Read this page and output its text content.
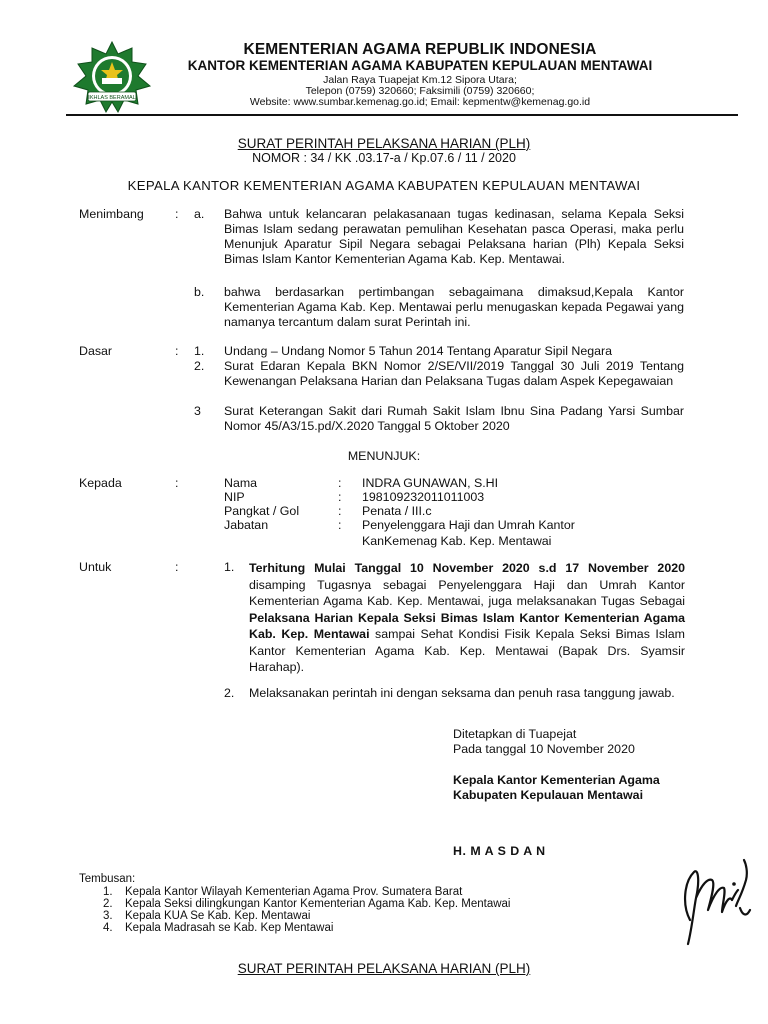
IKHLAS BERAMAL
KEMENTERIAN AGAMA REPUBLIK INDONESIA
KANTOR KEMENTERIAN AGAMA KABUPATEN KEPULAUAN MENTAWAI
Jalan Raya Tuapejat Km.12 Sipora Utara;
Telepon (0759) 320660; Faksimili (0759) 320660;
Website: www.sumbar.kemenag.go.id; Email: kepmentw@kemenag.go.id
SURAT PERINTAH PELAKSANA HARIAN (PLH)
NOMOR : 34 / KK .03.17-a / Kp.07.6 / 11 / 2020
KEPALA KANTOR KEMENTERIAN AGAMA KABUPATEN KEPULAUAN MENTAWAI
Menimbang	: a. Bahwa untuk kelancaran pelakasanaan tugas kedinasan, selama Kepala Seksi Bimas Islam sedang perawatan pemulihan Kesehatan pasca Operasi, maka perlu Menunjuk Aparatur Sipil Negara sebagai Pelaksana harian (Plh) Kepala Seksi Bimas Islam Kantor Kementerian Agama Kab. Kep. Mentawai.
b. bahwa berdasarkan pertimbangan sebagaimana dimaksud,Kepala Kantor Kementerian Agama Kab. Kep. Mentawai perlu menugaskan kepada Pegawai yang namanya tercantum dalam surat Perintah ini.
Dasar	: 1. Undang – Undang Nomor 5 Tahun 2014 Tentang Aparatur Sipil Negara
2. Surat Edaran Kepala BKN Nomor 2/SE/VII/2019 Tanggal 30 Juli 2019 Tentang Kewenangan Pelaksana Harian dan Pelaksana Tugas dalam Aspek Kepegawaian
3 Surat Keterangan Sakit dari Rumah Sakit Islam Ibnu Sina Padang Yarsi Sumbar Nomor 45/A3/15.pd/X.2020 Tanggal 5 Oktober 2020
MENUNJUK:
Kepada	:	Nama	: INDRA GUNAWAN, S.HI
NIP	: 198109232011011003
Pangkat / Gol	: Penata / III.c
Jabatan	: Penyelenggara Haji dan Umrah Kantor
KanKemenag Kab. Kep. Mentawai
Untuk	:	1. Terhitung Mulai Tanggal 10 November 2020 s.d 17 November 2020 disamping Tugasnya sebagai Penyelenggara Haji dan Umrah Kantor Kementerian Agama Kab. Kep. Mentawai, juga melaksanakan Tugas Sebagai Pelaksana Harian Kepala Seksi Bimas Islam Kantor Kementerian Agama Kab. Kep. Mentawai sampai Sehat Kondisi Fisik Kepala Seksi Bimas Islam Kantor Kementerian Agama Kab. Kep. Mentawai (Bapak Drs. Syamsir Harahap).
2. Melaksanakan perintah ini dengan seksama dan penuh rasa tanggung jawab.
Ditetapkan di Tuapejat
Pada tanggal 10 November 2020
Kepala Kantor Kementerian Agama
Kabupaten Kepulauan Mentawai
H. M A S D A N
Tembusan:
1. Kepala Kantor Wilayah Kementerian Agama Prov. Sumatera Barat
2. Kepala Seksi dilingkungan Kantor Kementerian Agama Kab. Kep. Mentawai
3. Kepala KUA Se Kab. Kep. Mentawai
4. Kepala Madrasah se Kab. Kep Mentawai
SURAT PERINTAH PELAKSANA HARIAN (PLH)
